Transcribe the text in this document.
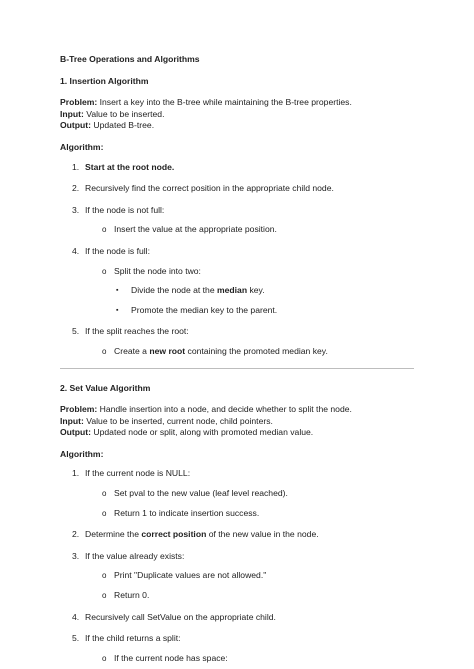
B-Tree Operations and Algorithms

1. Insertion Algorithm

Problem: Insert a key into the B-tree while maintaining the B-tree properties.

Input: Value to be inserted.

Output: Updated B-tree.

Algorithm:

1. Start at the root node.
2. Recursively find the correct position in the appropriate child node.
3. If the node is not full:
o Insert the value at the appropriate position.
4. If the node is full:
o Split the node into two:
▪ Divide the node at the median key.
▪ Promote the median key to the parent.
5. If the split reaches the root:
o Create a new root containing the promoted median key.

2. Set Value Algorithm

Problem: Handle insertion into a node, and decide whether to split the node.

Input: Value to be inserted, current node, child pointers.

Output: Updated node or split, along with promoted median value.

Algorithm:

1. If the current node is NULL:
o Set pval to the new value (leaf level reached).
o Return 1 to indicate insertion success.
2. Determine the correct position of the new value in the node.
3. If the value already exists:
o Print "Duplicate values are not allowed."
o Return 0.
4. Recursively call SetValue on the appropriate child.
5. If the child returns a split:
o If the current node has space:
